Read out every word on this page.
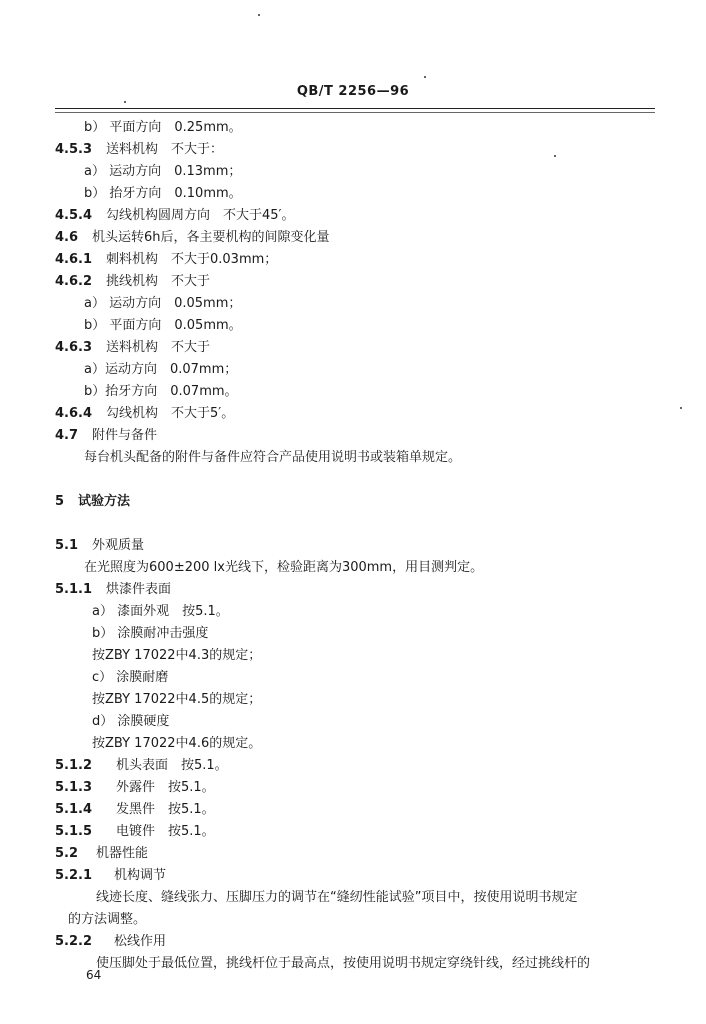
QB/T 2256—96
b） 平面方向　0.25mm。
4.5.3 送料机构　不大于：
a） 运动方向　0.13mm；
b） 抬牙方向　0.10mm。
4.5.4 勾线机构圆周方向　不大于45′。
4.6 机头运转6h后，各主要机构的间隙变化量
4.6.1 刺料机构　不大于0.03mm；
4.6.2 挑线机构　不大于
a） 运动方向　0.05mm；
b） 平面方向　0.05mm。
4.6.3 送料机构　不大于
a）运动方向　0.07mm；
b）抬牙方向　0.07mm。
4.6.4 勾线机构　不大于5′。
4.7 附件与备件
每台机头配备的附件与备件应符合产品使用说明书或装箱单规定。
5 试验方法
5.1 外观质量
在光照度为600±200 lx光线下，检验距离为300mm，用目测判定。
5.1.1 烘漆件表面
a） 漆面外观　按5.1。
b） 涂膜耐冲击强度
按ZBY 17022中4.3的规定；
c） 涂膜耐磨
按ZBY 17022中4.5的规定；
d） 涂膜硬度
按ZBY 17022中4.6的规定。
5.1.2 机头表面　按5.1。
5.1.3 外露件　按5.1。
5.1.4 发黑件　按5.1。
5.1.5 电镀件　按5.1。
5.2 机器性能
5.2.1 机构调节
线迹长度、缝线张力、压脚压力的调节在“缝纫性能试验”项目中，按使用说明书规定
的方法调整。
5.2.2 松线作用
使压脚处于最低位置，挑线杆位于最高点，按使用说明书规定穿绕针线，经过挑线杆的
64
